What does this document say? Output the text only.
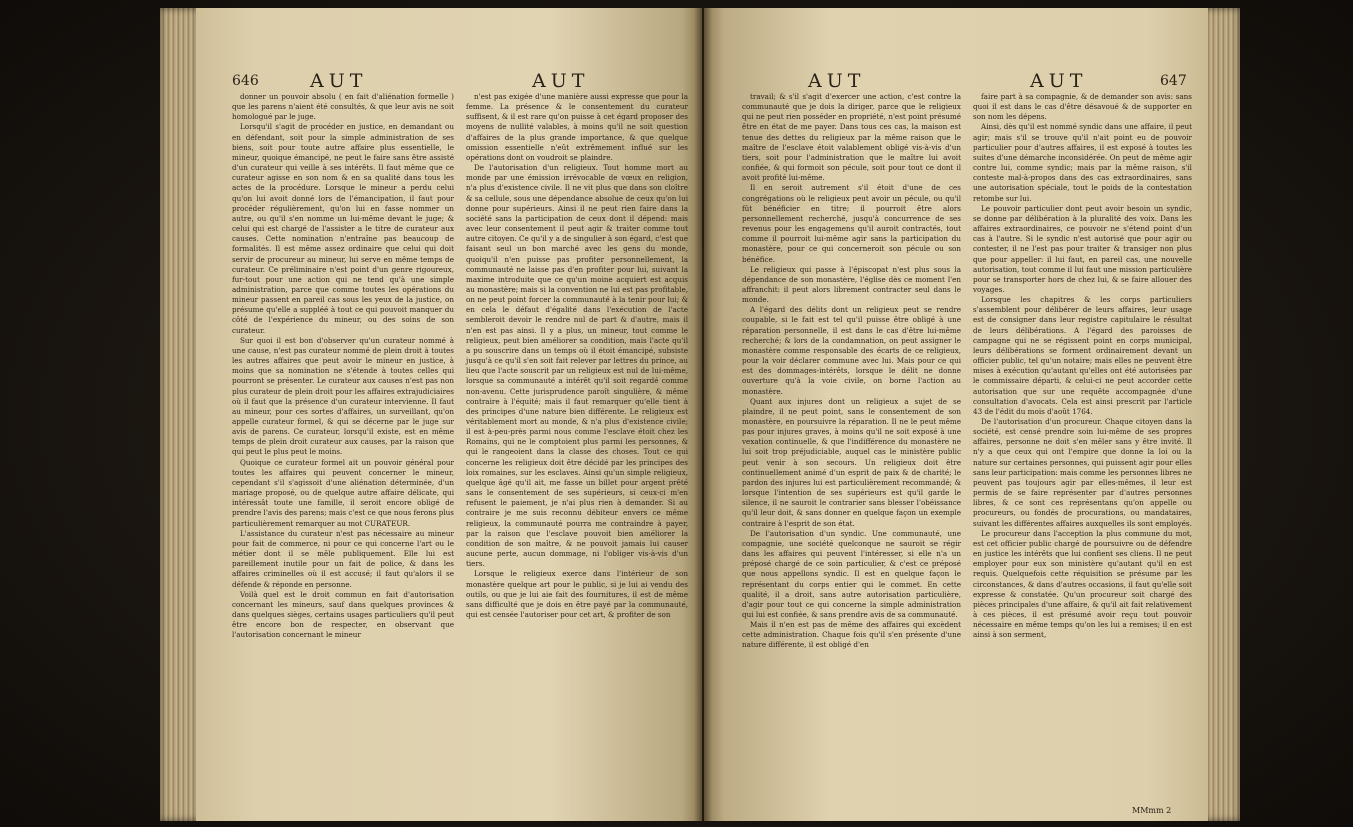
646	AUT	AUT	AUT	AUT	647

donner un pouvoir absolu ( en fait d'aliénation formelle ) que les parens n'aient été consultés, & que leur avis ne soit homologué par le juge.

Lorsqu'il s'agit de procéder en justice, en demandant ou en défendant, soit pour la simple administration de ses biens, soit pour toute autre affaire plus essentielle, le mineur, quoique émancipé, ne peut le faire sans être assisté d'un curateur qui veille à ses intérêts. Il faut même que ce curateur agisse en son nom & en sa qualité dans tous les actes de la procédure. Lorsque le mineur a perdu celui qu'on lui avoit donné lors de l'émancipation, il faut pour procéder régulièrement, qu'on lui en fasse nommer un autre, ou qu'il s'en nomme un lui-même devant le juge; & celui qui est chargé de l'assister a le titre de curateur aux causes. Cette nomination n'entraîne pas beaucoup de formalités. Il est même assez ordinaire que celui qui doit servir de procureur au mineur, lui serve en même temps de curateur. Ce préliminaire n'est point d'un genre rigoureux, fur-tout pour une action qui ne tend qu'à une simple administration, parce que comme toutes les opérations du mineur passent en pareil cas sous les yeux de la justice, on présume qu'elle a suppléé à tout ce qui pouvoit manquer du côté de l'expérience du mineur, ou des soins de son curateur.

Sur quoi il est bon d'observer qu'un curateur nommé à une cause, n'est pas curateur nommé de plein droit à toutes les autres affaires que peut avoir le mineur en justice, à moins que sa nomination ne s'étende à toutes celles qui pourront se présenter. Le curateur aux causes n'est pas non plus curateur de plein droit pour les affaires extrajudiciaires où il faut que la présence d'un curateur intervienne. Il faut au mineur, pour ces sortes d'affaires, un surveillant, qu'on appelle curateur formel, & qui se décerne par le juge sur avis de parens. Ce curateur, lorsqu'il existe, est en même temps de plein droit curateur aux causes, par la raison que qui peut le plus peut le moins.

Quoique ce curateur formel ait un pouvoir général pour toutes les affaires qui peuvent concerner le mineur, cependant s'il s'agissoit d'une aliénation déterminée, d'un mariage proposé, ou de quelque autre affaire délicate, qui intéressât toute une famille, il seroit encore obligé de prendre l'avis des parens; mais c'est ce que nous ferons plus particulièrement remarquer au mot CURATEUR.

L'assistance du curateur n'est pas nécessaire au mineur pour fait de commerce, ni pour ce qui concerne l'art ou le métier dont il se mêle publiquement. Elle lui est pareillement inutile pour un fait de police, & dans les affaires criminelles où il est accusé; il faut qu'alors il se défende & réponde en personne.

Voilà quel est le droit commun en fait d'autorisation concernant les mineurs, sauf dans quelques provinces & dans quelques sièges, certains usages particuliers qu'il peut être encore bon de respecter, en observant que l'autorisation concernant le mineur

n'est pas exigée d'une manière aussi expresse que pour la femme. La présence & le consentement du curateur suffisent, & il est rare qu'on puisse à cet égard proposer des moyens de nullité valables, à moins qu'il ne soit question d'affaires de la plus grande importance, & que quelque omission essentielle n'eût extrêmement influé sur les opérations dont on voudroit se plaindre.

De l'autorisation d'un religieux. Tout homme mort au monde par une émission irrévocable de vœux en religion, n'a plus d'existence civile. Il ne vit plus que dans son cloître & sa cellule, sous une dépendance absolue de ceux qu'on lui donne pour supérieurs. Ainsi il ne peut rien faire dans la société sans la participation de ceux dont il dépend: mais avec leur consentement il peut agir & traiter comme tout autre citoyen. Ce qu'il y a de singulier à son égard, c'est que faisant seul un bon marché avec les gens du monde, quoiqu'il n'en puisse pas profiter personnellement, la communauté ne laisse pas d'en profiter pour lui, suivant la maxime introduite que ce qu'un moine acquiert est acquis au monastère; mais si la convention ne lui est pas profitable, on ne peut point forcer la communauté à la tenir pour lui; & en cela le défaut d'égalité dans l'exécution de l'acte sembleroit devoir le rendre nul de part & d'autre, mais il n'en est pas ainsi. Il y a plus, un mineur, tout comme le religieux, peut bien améliorer sa condition, mais l'acte qu'il a pu souscrire dans un temps où il étoit émancipé, subsiste jusqu'à ce qu'il s'en soit fait relever par lettres du prince, au lieu que l'acte souscrit par un religieux est nul de lui-même, lorsque sa communauté a intérêt qu'il soit regardé comme non-avenu. Cette jurisprudence paroît singulière, & même contraire à l'équité; mais il faut remarquer qu'elle tient à des principes d'une nature bien différente. Le religieux est véritablement mort au monde, & n'a plus d'existence civile; il est à-peu-près parmi nous comme l'esclave étoit chez les Romains, qui ne le comptoient plus parmi les personnes, & qui le rangeoient dans la classe des choses. Tout ce qui concerne les religieux doit être décidé par les principes des loix romaines, sur les esclaves. Ainsi qu'un simple religieux, quelque âgé qu'il ait, me fasse un billet pour argent prêté sans le consentement de ses supérieurs, si ceux-ci m'en refusent le paiement, je n'ai plus rien à demander. Si au contraire je me suis reconnu débiteur envers ce même religieux, la communauté pourra me contraindre à payer, par la raison que l'esclave pouvoit bien améliorer la condition de son maître, & ne pouvoit jamais lui causer aucune perte, aucun dommage, ni l'obliger vis-à-vis d'un tiers.

Lorsque le religieux exerce dans l'intérieur de son monastère quelque art pour le public, si je lui ai vendu des outils, ou que je lui aie fait des fournitures, il est de même sans difficulté que je dois en être payé par la communauté, qui est censée l'autoriser pour cet art, & profiter de son

travail; & s'il s'agit d'exercer une action, c'est contre la communauté que je dois la diriger, parce que le religieux qui ne peut rien posséder en propriété, n'est point présumé être en état de me payer. Dans tous ces cas, la maison est tenue des dettes du religieux par la même raison que le maître de l'esclave étoit valablement obligé vis-à-vis d'un tiers, soit pour l'administration que le maître lui avoit confiée, & qui formoit son pécule, soit pour tout ce dont il avoit profité lui-même.

Il en seroit autrement s'il étoit d'une de ces congrégations où le religieux peut avoir un pécule, ou qu'il fût bénéficier en titre; il pourroit être alors personnellement recherché, jusqu'à concurrence de ses revenus pour les engagemens qu'il auroit contractés, tout comme il pourroit lui-même agir sans la participation du monastère, pour ce qui concerneroit son pécule ou son bénéfice.

Le religieux qui passe à l'épiscopat n'est plus sous la dépendance de son monastère, l'église dès ce moment l'en affranchit: il peut alors librement contracter seul dans le monde.

A l'égard des délits dont un religieux peut se rendre coupable, si le fait est tel qu'il puisse être obligé à une réparation personnelle, il est dans le cas d'être lui-même recherché; & lors de la condamnation, on peut assigner le monastère comme responsable des écarts de ce religieux, pour la voir déclarer commune avec lui. Mais pour ce qui est des dommages-intérêts, lorsque le délit ne donne ouverture qu'à la voie civile, on borne l'action au monastère.

Quant aux injures dont un religieux a sujet de se plaindre, il ne peut point, sans le consentement de son monastère, en poursuivre la réparation. Il ne le peut même pas pour injures graves, à moins qu'il ne soit exposé à une vexation continuelle, & que l'indifférence du monastère ne lui soit trop préjudiciable, auquel cas le ministère public peut venir à son secours. Un religieux doit être continuellement animé d'un esprit de paix & de charité; le pardon des injures lui est particulièrement recommandé; & lorsque l'intention de ses supérieurs est qu'il garde le silence, il ne sauroit le contrarier sans blesser l'obéissance qu'il leur doit, & sans donner en quelque façon un exemple contraire à l'esprit de son état.

De l'autorisation d'un syndic. Une communauté, une compagnie, une société quelconque ne sauroit se régir dans les affaires qui peuvent l'intéresser, si elle n'a un préposé chargé de ce soin particulier, & c'est ce préposé que nous appellons syndic. Il est en quelque façon le représentant du corps entier qui le commet. En cette qualité, il a droit, sans autre autorisation particulière, d'agir pour tout ce qui concerne la simple administration qui lui est confiée, & sans prendre avis de sa communauté.

Mais il n'en est pas de même des affaires qui excèdent cette administration. Chaque fois qu'il s'en présente d'une nature différente, il est obligé d'en

faire part à sa compagnie, & de demander son avis: sans quoi il est dans le cas d'être désavoué & de supporter en son nom les dépens.

Ainsi, dès qu'il est nommé syndic dans une affaire, il peut agir; mais s'il se trouve qu'il n'ait point eu de pouvoir particulier pour d'autres affaires, il est exposé à toutes les suites d'une démarche inconsidérée. On peut de même agir contre lui, comme syndic; mais par la même raison, s'il conteste mal-à-propos dans des cas extraordinaires, sans une autorisation spéciale, tout le poids de la contestation retombe sur lui.

Le pouvoir particulier dont peut avoir besoin un syndic, se donne par délibération à la pluralité des voix. Dans les affaires extraordinaires, ce pouvoir ne s'étend point d'un cas à l'autre. Si le syndic n'est autorisé que pour agir ou contester, il ne l'est pas pour traiter & transiger non plus que pour appeller: il lui faut, en pareil cas, une nouvelle autorisation, tout comme il lui faut une mission particulière pour se transporter hors de chez lui, & se faire allouer des voyages.

Lorsque les chapitres & les corps particuliers s'assemblent pour délibérer de leurs affaires, leur usage est de consigner dans leur registre capitulaire le résultat de leurs délibérations. A l'égard des paroisses de campagne qui ne se régissent point en corps municipal, leurs délibérations se forment ordinairement devant un officier public, tel qu'un notaire; mais elles ne peuvent être mises à exécution qu'autant qu'elles ont été autorisées par le commissaire départi, & celui-ci ne peut accorder cette autorisation que sur une requête accompagnée d'une consultation d'avocats. Cela est ainsi prescrit par l'article 43 de l'édit du mois d'août 1764.

De l'autorisation d'un procureur. Chaque citoyen dans la société, est censé prendre soin lui-même de ses propres affaires, personne ne doit s'en mêler sans y être invité. Il n'y a que ceux qui ont l'empire que donne la loi ou la nature sur certaines personnes, qui puissent agir pour elles sans leur participation: mais comme les personnes libres ne peuvent pas toujours agir par elles-mêmes, il leur est permis de se faire représenter par d'autres personnes libres, & ce sont ces représentans qu'on appelle ou procureurs, ou fondés de procurations, ou mandataires, suivant les différentes affaires auxquelles ils sont employés.

Le procureur dans l'acception la plus commune du mot, est cet officier public chargé de poursuivre ou de défendre en justice les intérêts que lui confient ses cliens. Il ne peut employer pour eux son ministère qu'autant qu'il en est requis. Quelquefois cette réquisition se présume par les circonstances, & dans d'autres occasions, il faut qu'elle soit expresse & constatée. Qu'un procureur soit chargé des pièces principales d'une affaire, & qu'il ait fait relativement à ces pièces, il est présumé avoir reçu tout pouvoir nécessaire en même temps qu'on les lui a remises; il en est ainsi à son serment,

MMmm 2
